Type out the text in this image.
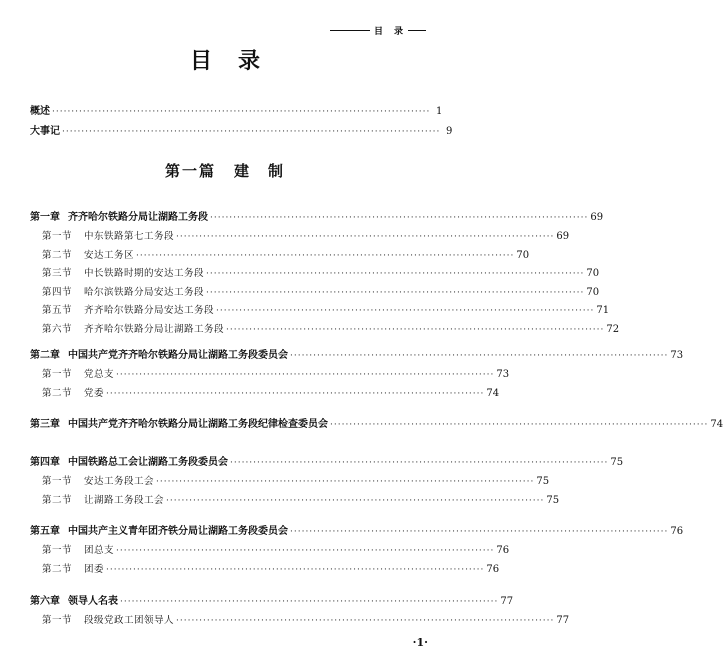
目　录
目录
概述 ·································································································· 1
大事记 ·································································································· 9
第一章 齐齐哈尔铁路分局让湖路工务段 ·································································································· 69
第一节 中东铁路第七工务段 ·································································································· 69
第二节 安达工务区 ·································································································· 70
第三节 中长铁路时期的安达工务段 ·································································································· 70
第四节 哈尔滨铁路分局安达工务段 ·································································································· 70
第五节 齐齐哈尔铁路分局安达工务段 ·································································································· 71
第六节 齐齐哈尔铁路分局让湖路工务段 ·································································································· 72
第二章 中国共产党齐齐哈尔铁路分局让湖路工务段委员会 ·································································································· 73
第一节 党总支 ·································································································· 73
第二节 党委 ·································································································· 74
第三章 中国共产党齐齐哈尔铁路分局让湖路工务段纪律检查委员会 ·································································································· 74
第四章 中国铁路总工会让湖路工务段委员会 ·································································································· 75
第一节 安达工务段工会 ·································································································· 75
第二节 让湖路工务段工会 ·································································································· 75
第五章 中国共产主义青年团齐铁分局让湖路工务段委员会 ·································································································· 76
第一节 团总支 ·································································································· 76
第二节 团委 ·································································································· 76
第六章 领导人名表 ·································································································· 77
第一节 段级党政工团领导人 ·································································································· 77
第一篇 建　制
·1·
